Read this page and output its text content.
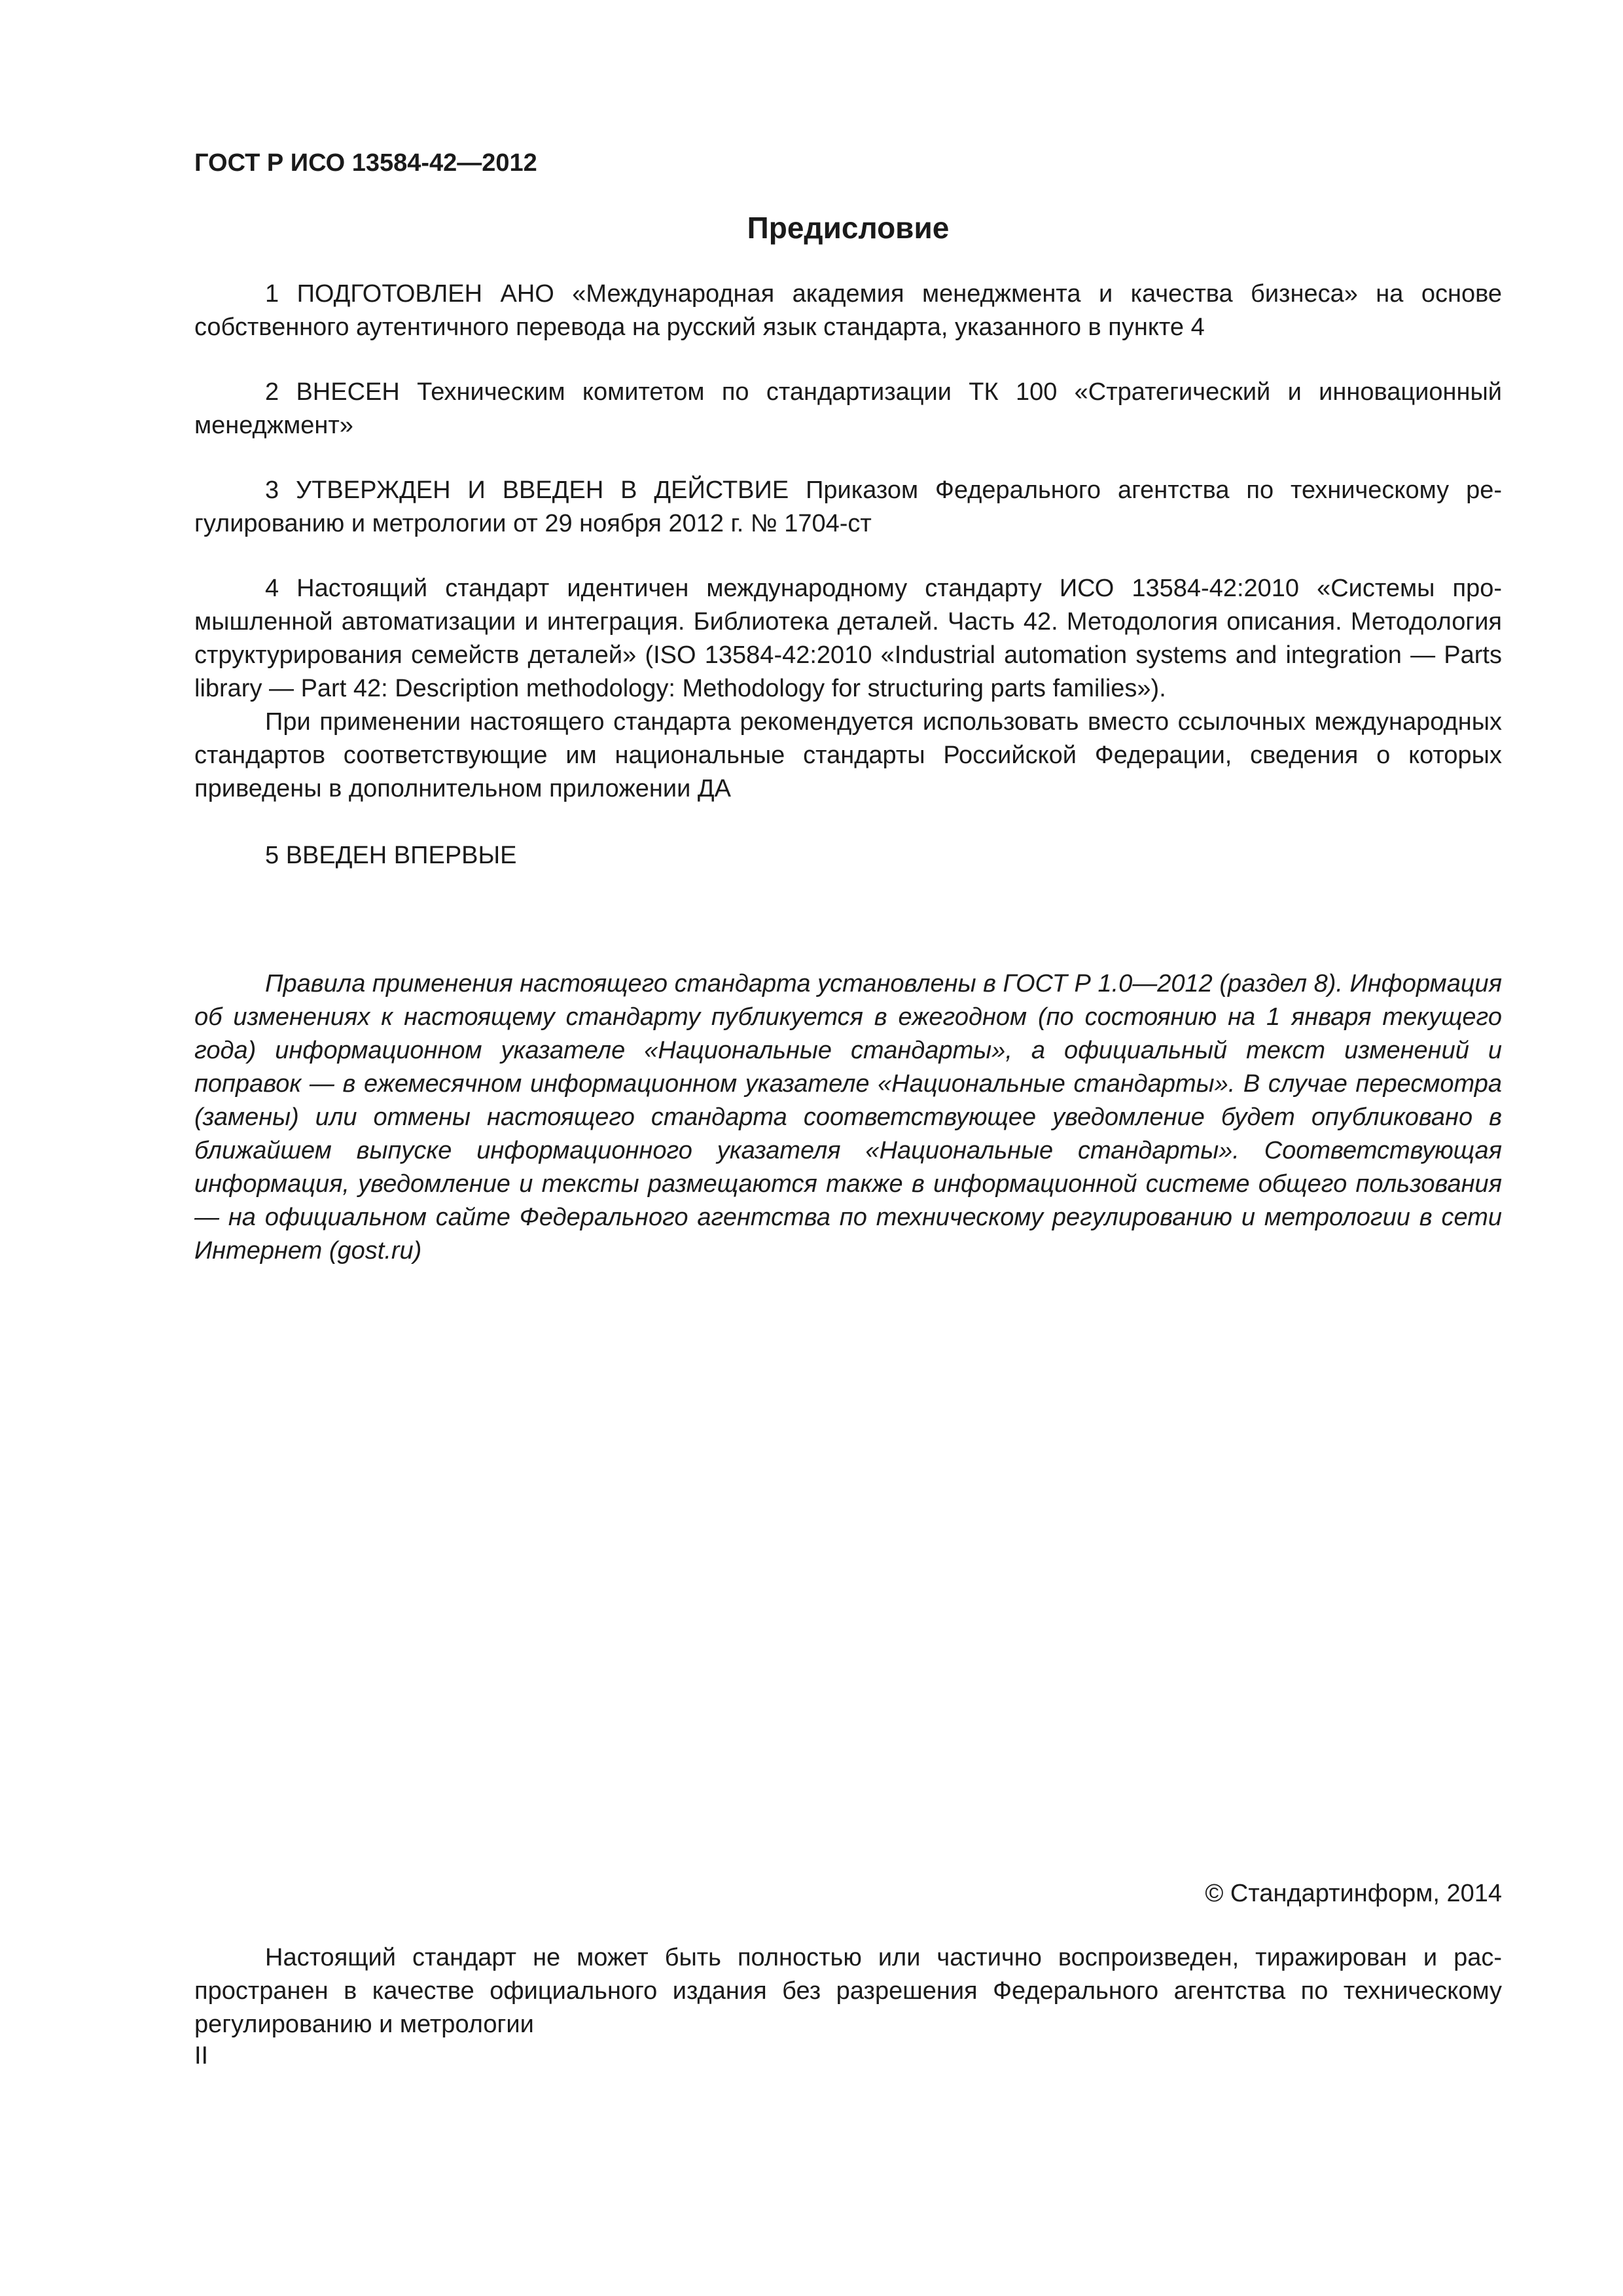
ГОСТ Р ИСО 13584-42—2012

Предисловие

1 ПОДГОТОВЛЕН АНО «Международная академия менеджмента и качества бизнеса» на основе собственного аутентичного перевода на русский язык стандарта, указанного в пункте 4

2 ВНЕСЕН Техническим комитетом по стандартизации ТК 100 «Стратегический и инновационный менеджмент»

3 УТВЕРЖДЕН И ВВЕДЕН В ДЕЙСТВИЕ Приказом Федерального агентства по техническому регулированию и метрологии от 29 ноября 2012 г. № 1704-ст

4 Настоящий стандарт идентичен международному стандарту ИСО 13584-42:2010 «Системы промышленной автоматизации и интеграция. Библиотека деталей. Часть 42. Методология описания. Методология структурирования семейств деталей» (ISO 13584-42:2010 «Industrial automation systems and integration — Parts library — Part 42: Description methodology: Methodology for structuring parts families»).

При применении настоящего стандарта рекомендуется использовать вместо ссылочных международных стандартов соответствующие им национальные стандарты Российской Федерации, сведения о которых приведены в дополнительном приложении ДА

5 ВВЕДЕН ВПЕРВЫЕ

Правила применения настоящего стандарта установлены в ГОСТ Р 1.0—2012 (раздел 8). Информация об изменениях к настоящему стандарту публикуется в ежегодном (по состоянию на 1 января текущего года) информационном указателе «Национальные стандарты», а официальный текст изменений и поправок — в ежемесячном информационном указателе «Национальные стандарты». В случае пересмотра (замены) или отмены настоящего стандарта соответствующее уведомление будет опубликовано в ближайшем выпуске информационного указателя «Национальные стандарты». Соответствующая информация, уведомление и тексты размещаются также в информационной системе общего пользования — на официальном сайте Федерального агентства по техническому регулированию и метрологии в сети Интернет (gost.ru)

© Стандартинформ, 2014

Настоящий стандарт не может быть полностью или частично воспроизведен, тиражирован и распространен в качестве официального издания без разрешения Федерального агентства по техническому регулированию и метрологии

II
